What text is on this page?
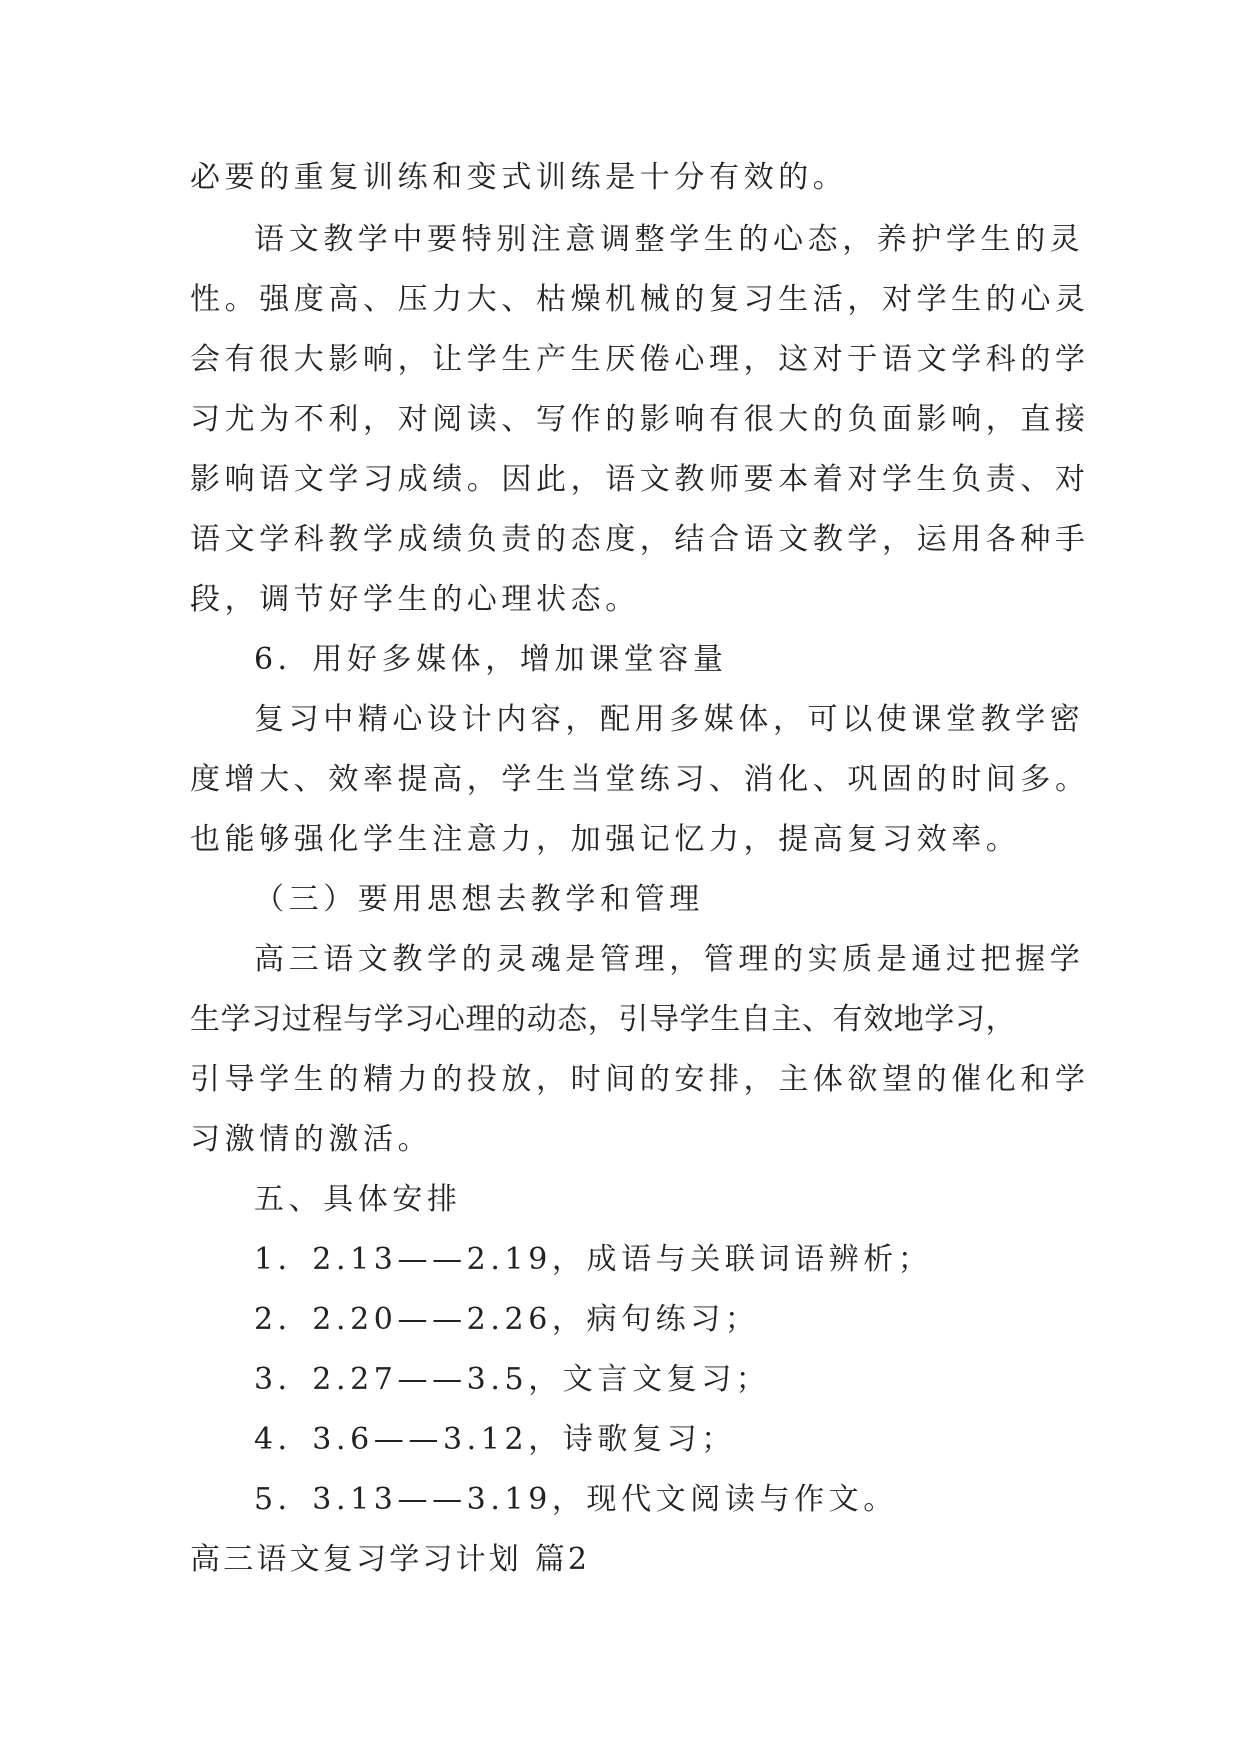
必要的重复训练和变式训练是十分有效的。

语文教学中要特别注意调整学生的心态，养护学生的灵

性。强度高、压力大、枯燥机械的复习生活，对学生的心灵

会有很大影响，让学生产生厌倦心理，这对于语文学科的学

习尤为不利，对阅读、写作的影响有很大的负面影响，直接

影响语文学习成绩。因此，语文教师要本着对学生负责、对

语文学科教学成绩负责的态度，结合语文教学，运用各种手

段，调节好学生的心理状态。

6．用好多媒体，增加课堂容量

复习中精心设计内容，配用多媒体，可以使课堂教学密

度增大、效率提高，学生当堂练习、消化、巩固的时间多。

也能够强化学生注意力，加强记忆力，提高复习效率。

（三）要用思想去教学和管理

高三语文教学的灵魂是管理，管理的实质是通过把握学

生学习过程与学习心理的动态，引导学生自主、有效地学习，

引导学生的精力的投放，时间的安排，主体欲望的催化和学

习激情的激活。

五、具体安排

1．2.13——2.19，成语与关联词语辨析；

2．2.20——2.26，病句练习；

3．2.27——3.5，文言文复习；

4．3.6——3.12，诗歌复习；

5．3.13——3.19，现代文阅读与作文。

高三语文复习学习计划 篇2
